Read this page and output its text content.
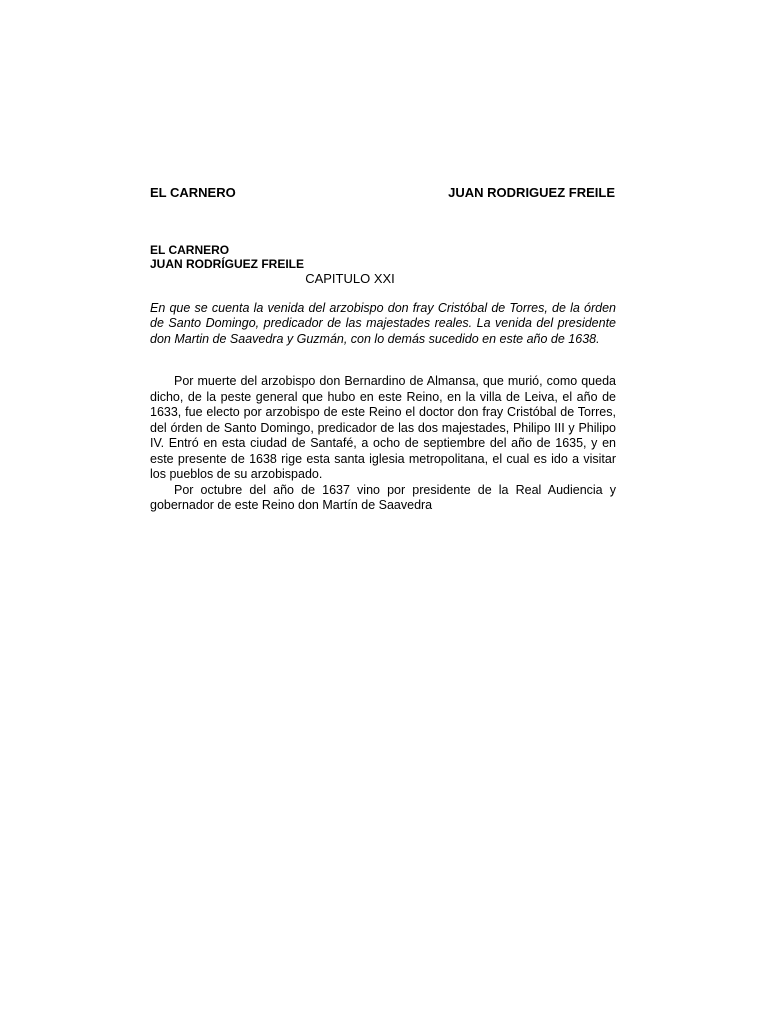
EL CARNERO	JUAN RODRIGUEZ FREILE
EL CARNERO
JUAN RODRÍGUEZ FREILE
CAPITULO XXI

En que se cuenta la venida del arzobispo don fray Cristóbal de Torres, de la órden de Santo Domingo, predicador de las majestades reales. La venida del presidente don Martin de Saavedra y Guzmán, con lo demás sucedido en este año de 1638.

Por muerte del arzobispo don Bernardino de Almansa, que murió, como queda dicho, de la peste general que hubo en este Reino, en la villa de Leiva, el año de 1633, fue electo por arzobispo de este Reino el doctor don fray Cristóbal de Torres, del órden de Santo Domingo, predicador de las dos majestades, Philipo III y Philipo IV. Entró en esta ciudad de Santafé, a ocho de septiembre del año de 1635, y en este presente de 1638 rige esta santa iglesia metropolitana, el cual es ido a visitar los pueblos de su arzobispado.

Por octubre del año de 1637 vino por presidente de la Real Audiencia y gobernador de este Reino don Martín de Saavedra
